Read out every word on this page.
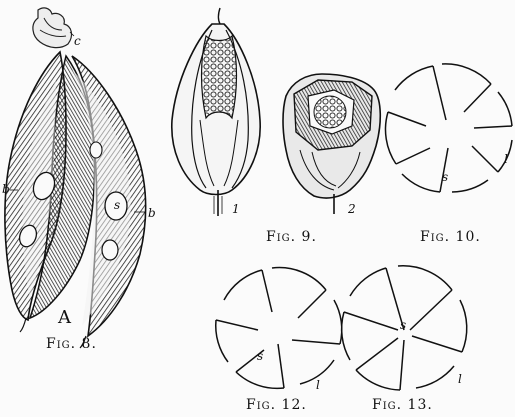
c
b
s
b
A
Fig. 8.
1	2
Fig. 9.
s
l
Fig. 10.
s
l
Fig. 12.
s
l
Fig. 13.
